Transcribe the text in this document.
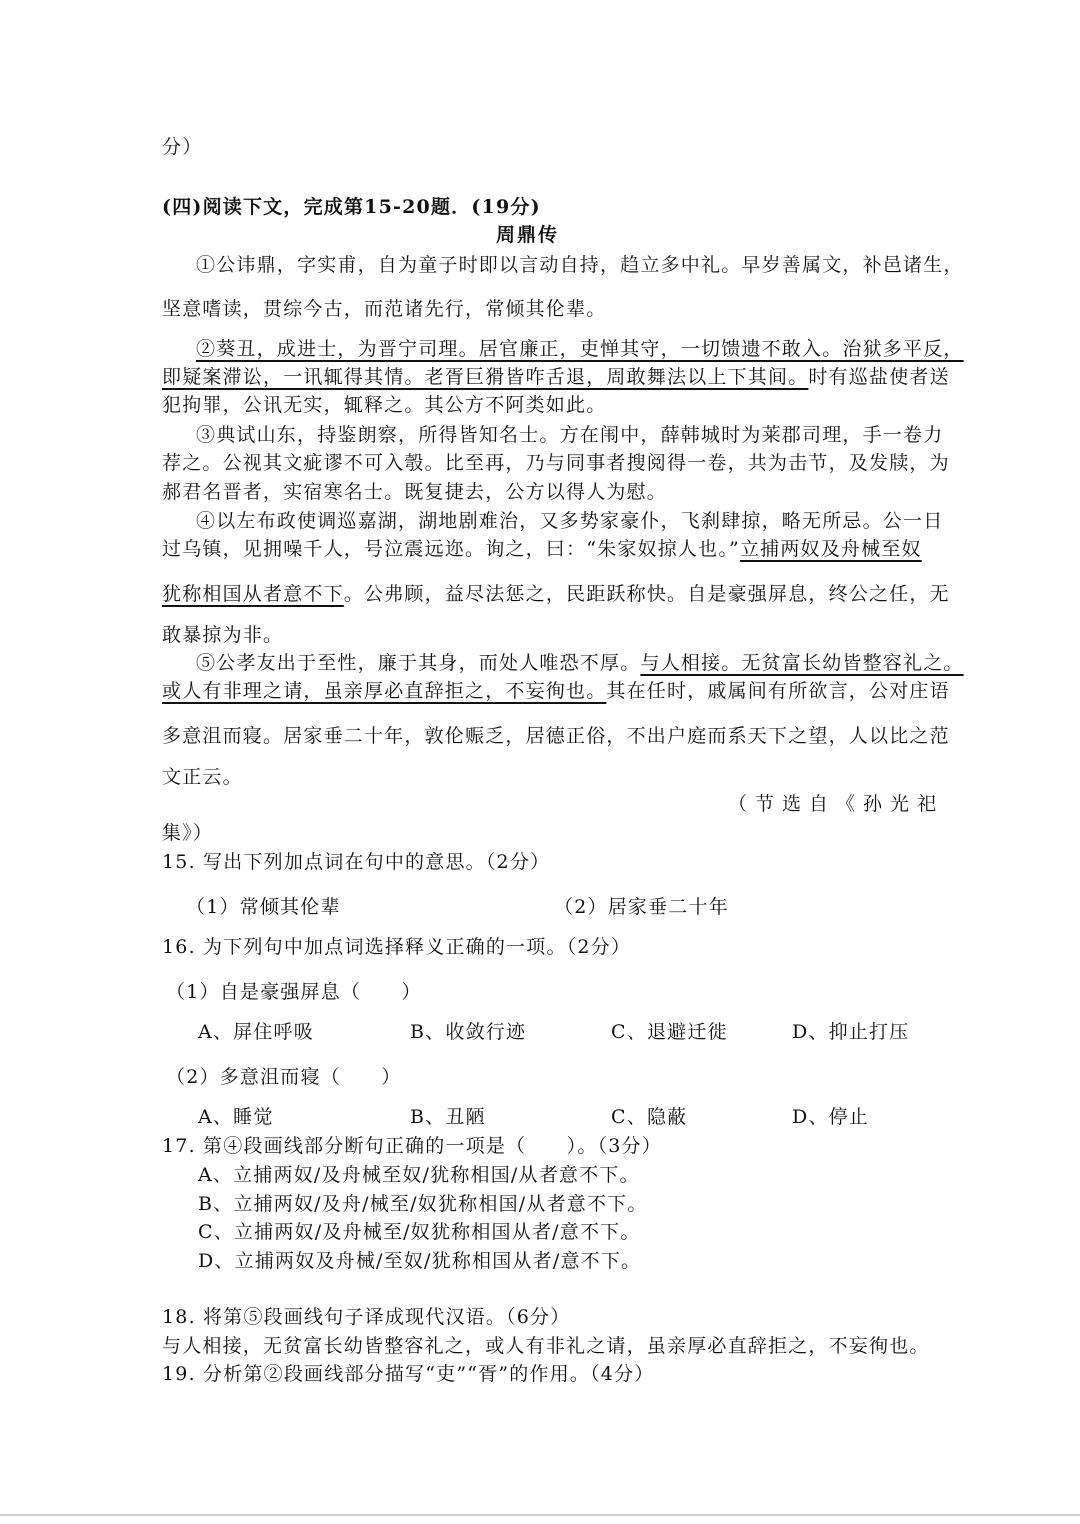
分）
(四)阅读下文，完成第15-20题．(19分)
周鼎传
①公讳鼎，字实甫，自为童子时即以言动自持，趋立多中礼。早岁善属文，补邑诸生，
坚意嗜读，贯综今古，而范诸先行，常倾其伦辈。
②葵丑，成进士，为晋宁司理。居官廉正，吏惮其守，一切馈遗不敢入。治狱多平反，
即疑案滞讼，一讯辄得其情。老胥巨猾皆咋舌退，周敢舞法以上下其间。时有巡盐使者送
犯拘罪，公讯无实，辄释之。其公方不阿类如此。
③典试山东，持鉴朗察，所得皆知名士。方在闱中，薛韩城时为莱郡司理，手一卷力
荐之。公视其文疵谬不可入彀。比至再，乃与同事者搜阅得一卷，共为击节，及发牍，为
郝君名晋者，实宿寒名士。既复捷去，公方以得人为慰。
④以左布政使调巡嘉湖，湖地剧难治，又多势家豪仆，飞刹肆掠，略无所忌。公一日
过乌镇，见拥噪千人，号泣震远迩。询之，曰：“朱家奴掠人也。”立捕两奴及舟械至奴
犹称相国从者意不下。公弗顾，益尽法惩之，民距跃称快。自是豪强屏息，终公之任，无
敢暴掠为非。
⑤公孝友出于至性，廉于其身，而处人唯恐不厚。与人相接。无贫富长幼皆整容礼之。
或人有非理之请，虽亲厚必直辞拒之，不妄徇也。其在任时，戚属间有所欲言，公对庄语
多意沮而寝。居家垂二十年，敦伦赈乏，居德正俗，不出户庭而系天下之望，人以比之范
文正云。
（节选自《孙光祀
集》）
15. 写出下列加点词在句中的意思。（2分）
（1）常倾其伦辈	（2）居家垂二十年
16. 为下列句中加点词选择释义正确的一项。（2分）
（1）自是豪强屏息（　　）
A、屏住呼吸	B、收敛行迹	C、退避迁徙	D、抑止打压
（2）多意沮而寝（　　）
A、睡觉	B、丑陋	C、隐蔽	D、停止
17. 第④段画线部分断句正确的一项是（　　）。（3分）
A、立捕两奴/及舟械至奴/犹称相国/从者意不下。
B、立捕两奴/及舟/械至/奴犹称相国/从者意不下。
C、立捕两奴/及舟械至/奴犹称相国从者/意不下。
D、立捕两奴及舟械/至奴/犹称相国从者/意不下。
18. 将第⑤段画线句子译成现代汉语。（6分）
与人相接，无贫富长幼皆整容礼之，或人有非礼之请，虽亲厚必直辞拒之，不妄徇也。
19. 分析第②段画线部分描写“吏”“胥”的作用。（4分）
